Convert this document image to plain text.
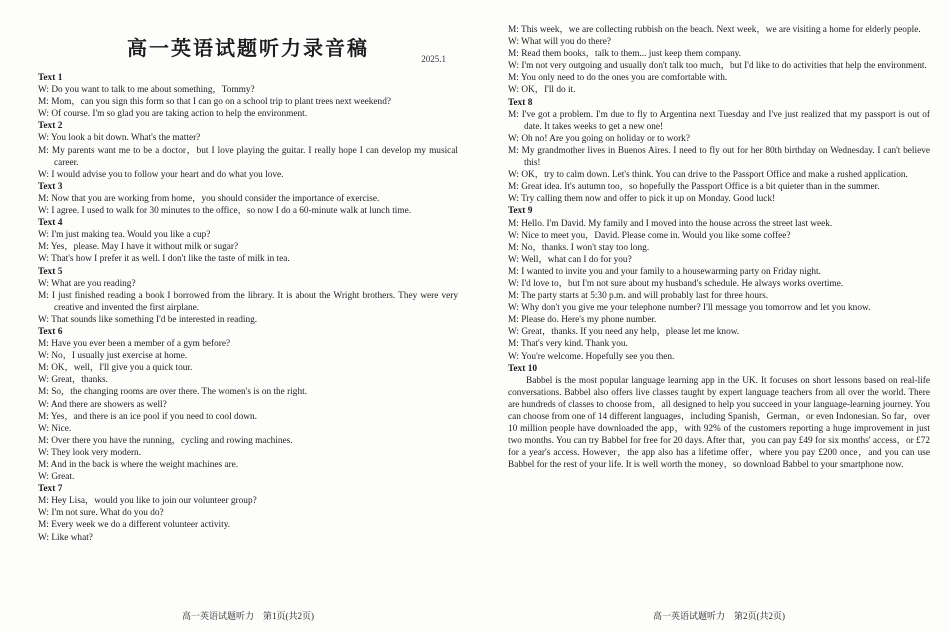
高一英语试题听力录音稿	2025.1
Text 1
W: Do you want to talk to me about something，Tommy?
M: Mom，can you sign this form so that I can go on a school trip to plant trees next weekend?
W: Of course. I'm so glad you are taking action to help the environment.
Text 2
W: You look a bit down. What's the matter?
M: My parents want me to be a doctor，but I love playing the guitar. I really hope I can develop my musical career.
W: I would advise you to follow your heart and do what you love.
Text 3
M: Now that you are working from home，you should consider the importance of exercise.
W: I agree. I used to walk for 30 minutes to the office，so now I do a 60-minute walk at lunch time.
Text 4
W: I'm just making tea. Would you like a cup?
M: Yes，please. May I have it without milk or sugar?
W: That's how I prefer it as well. I don't like the taste of milk in tea.
Text 5
W: What are you reading?
M: I just finished reading a book I borrowed from the library. It is about the Wright brothers. They were very creative and invented the first airplane.
W: That sounds like something I'd be interested in reading.
Text 6
M: Have you ever been a member of a gym before?
W: No，I usually just exercise at home.
M: OK，well，I'll give you a quick tour.
W: Great，thanks.
M: So，the changing rooms are over there. The women's is on the right.
W: And there are showers as well?
M: Yes，and there is an ice pool if you need to cool down.
W: Nice.
M: Over there you have the running，cycling and rowing machines.
W: They look very modern.
M: And in the back is where the weight machines are.
W: Great.
Text 7
M: Hey Lisa，would you like to join our volunteer group?
W: I'm not sure. What do you do?
M: Every week we do a different volunteer activity.
W: Like what?
M: This week，we are collecting rubbish on the beach. Next week，we are visiting a home for elderly people.
W: What will you do there?
M: Read them books，talk to them... just keep them company.
W: I'm not very outgoing and usually don't talk too much，but I'd like to do activities that help the environment.
M: You only need to do the ones you are comfortable with.
W: OK，I'll do it.
Text 8
M: I've got a problem. I'm due to fly to Argentina next Tuesday and I've just realized that my passport is out of date. It takes weeks to get a new one!
W: Oh no! Are you going on holiday or to work?
M: My grandmother lives in Buenos Aires. I need to fly out for her 80th birthday on Wednesday. I can't believe this!
W: OK，try to calm down. Let's think. You can drive to the Passport Office and make a rushed application.
M: Great idea. It's autumn too，so hopefully the Passport Office is a bit quieter than in the summer.
W: Try calling them now and offer to pick it up on Monday. Good luck!
Text 9
M: Hello. I'm David. My family and I moved into the house across the street last week.
W: Nice to meet you，David. Please come in. Would you like some coffee?
M: No，thanks. I won't stay too long.
W: Well，what can I do for you?
M: I wanted to invite you and your family to a housewarming party on Friday night.
W: I'd love to，but I'm not sure about my husband's schedule. He always works overtime.
M: The party starts at 5:30 p.m. and will probably last for three hours.
W: Why don't you give me your telephone number? I'll message you tomorrow and let you know.
M: Please do. Here's my phone number.
W: Great，thanks. If you need any help，please let me know.
M: That's very kind. Thank you.
W: You're welcome. Hopefully see you then.
Text 10
Babbel is the most popular language learning app in the UK. It focuses on short lessons based on real-life conversations. Babbel also offers live classes taught by expert language teachers from all over the world. There are hundreds of classes to choose from，all designed to help you succeed in your language-learning journey. You can choose from one of 14 different languages，including Spanish，German，or even Indonesian. So far，over 10 million people have downloaded the app，with 92% of the customers reporting a huge improvement in just two months. You can try Babbel for free for 20 days. After that，you can pay £49 for six months' access，or £72 for a year's access. However，the app also has a lifetime offer，where you pay £200 once，and you can use Babbel for the rest of your life. It is well worth the money，so download Babbel to your smartphone now.
高一英语试题听力　第1页(共2页)	高一英语试题听力　第2页(共2页)
